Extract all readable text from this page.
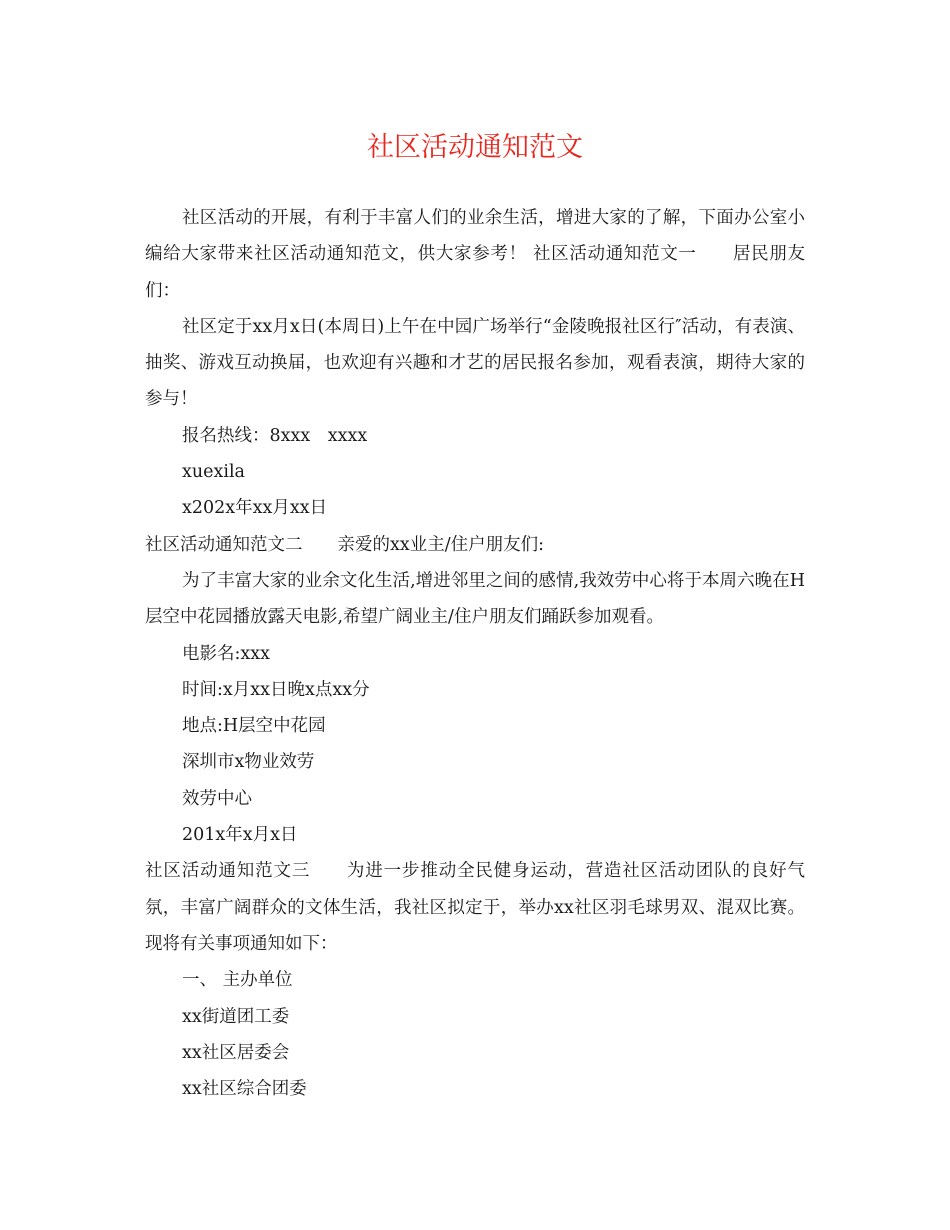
社区活动通知范文

社区活动的开展，有利于丰富人们的业余生活，增进大家的了解，下面办公室小编给大家带来社区活动通知范文，供大家参考！ 社区活动通知范文一　　居民朋友们：

社区定于xx月x日(本周日)上午在中园广场举行“金陵晚报社区行″活动，有表演、抽奖、游戏互动换届，也欢迎有兴趣和才艺的居民报名参加，观看表演，期待大家的参与！

报名热线：8xxx　xxxx

xuexila

x202x年xx月xx日

社区活动通知范文二　　亲爱的xx业主/住户朋友们:

为了丰富大家的业余文化生活,增进邻里之间的感情,我效劳中心将于本周六晚在H层空中花园播放露天电影,希望广阔业主/住户朋友们踊跃参加观看。

电影名:xxx

时间:x月xx日晚x点xx分

地点:H层空中花园

深圳市x物业效劳

效劳中心

201x年x月x日

社区活动通知范文三　　为进一步推动全民健身运动，营造社区活动团队的良好气氛，丰富广阔群众的文体生活，我社区拟定于，举办xx社区羽毛球男双、混双比赛。现将有关事项通知如下：

一、 主办单位

xx街道团工委

xx社区居委会

xx社区综合团委
